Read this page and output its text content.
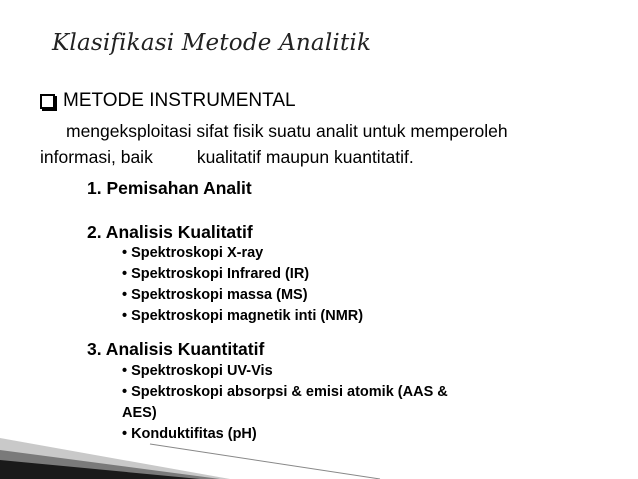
Klasifikasi Metode Analitik
METODE INSTRUMENTAL
mengeksploitasi sifat fisik suatu analit untuk memperoleh
informasi, baik	kualitatif maupun kuantitatif.
1. Pemisahan Analit
2. Analisis Kualitatif
• Spektroskopi X-ray
• Spektroskopi Infrared (IR)
• Spektroskopi massa (MS)
• Spektroskopi magnetik inti (NMR)
3. Analisis Kuantitatif
• Spektroskopi UV-Vis
• Spektroskopi absorpsi & emisi atomik (AAS &
AES)
• Konduktifitas (pH)
